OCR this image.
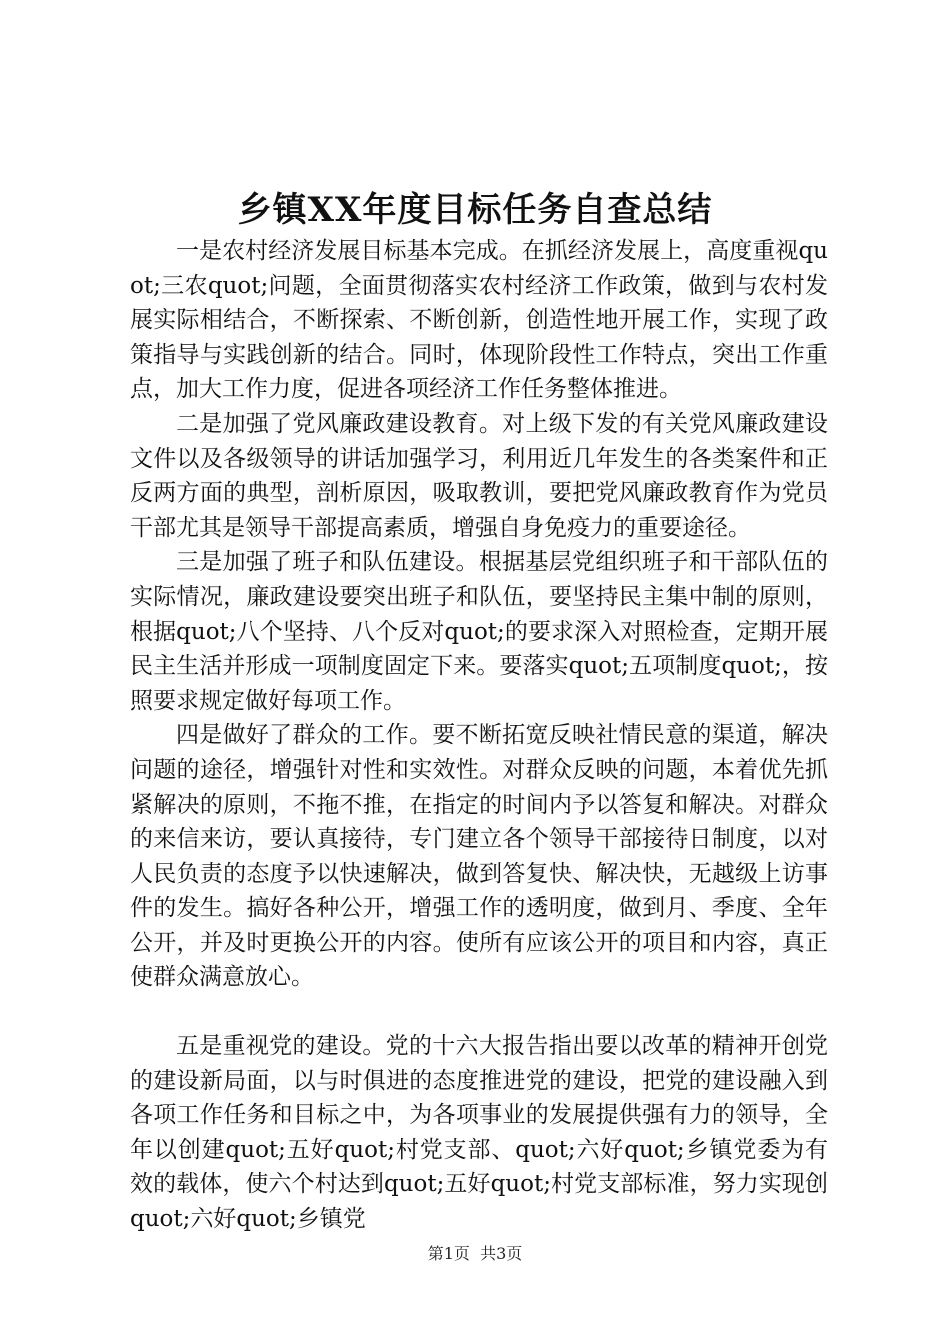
乡镇XX年度目标任务自查总结

一是农村经济发展目标基本完成。在抓经济发展上，高度重视quot;三农quot;问题，全面贯彻落实农村经济工作政策，做到与农村发展实际相结合，不断探索、不断创新，创造性地开展工作，实现了政策指导与实践创新的结合。同时，体现阶段性工作特点，突出工作重点，加大工作力度，促进各项经济工作任务整体推进。

二是加强了党风廉政建设教育。对上级下发的有关党风廉政建设文件以及各级领导的讲话加强学习，利用近几年发生的各类案件和正反两方面的典型，剖析原因，吸取教训，要把党风廉政教育作为党员干部尤其是领导干部提高素质，增强自身免疫力的重要途径。

三是加强了班子和队伍建设。根据基层党组织班子和干部队伍的实际情况，廉政建设要突出班子和队伍，要坚持民主集中制的原则，根据quot;八个坚持、八个反对quot;的要求深入对照检查，定期开展民主生活并形成一项制度固定下来。要落实quot;五项制度quot;，按照要求规定做好每项工作。

四是做好了群众的工作。要不断拓宽反映社情民意的渠道，解决问题的途径，增强针对性和实效性。对群众反映的问题，本着优先抓紧解决的原则，不拖不推，在指定的时间内予以答复和解决。对群众的来信来访，要认真接待，专门建立各个领导干部接待日制度，以对人民负责的态度予以快速解决，做到答复快、解决快，无越级上访事件的发生。搞好各种公开，增强工作的透明度，做到月、季度、全年公开，并及时更换公开的内容。使所有应该公开的项目和内容，真正使群众满意放心。

五是重视党的建设。党的十六大报告指出要以改革的精神开创党的建设新局面，以与时俱进的态度推进党的建设，把党的建设融入到各项工作任务和目标之中，为各项事业的发展提供强有力的领导，全年以创建quot;五好quot;村党支部、quot;六好quot;乡镇党委为有效的载体，使六个村达到quot;五好quot;村党支部标准，努力实现创quot;六好quot;乡镇党

第1页  共3页
